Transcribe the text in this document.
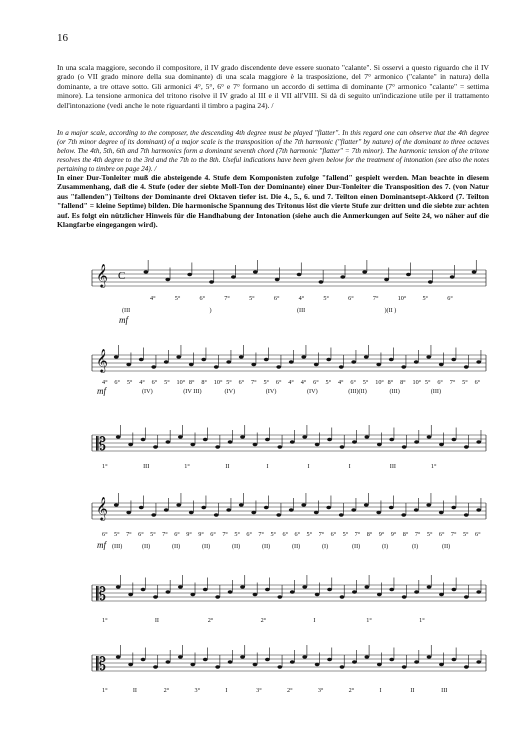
16
In una scala maggiore, secondo il compositore, il IV grado discendente deve essere suonato "calante". Si osservi a questo riguardo che il IV grado (o VII grado minore della sua dominante) di una scala maggiore è la trasposizione, del 7° armonico ("calante" in natura) della dominante, a tre ottave sotto. Gli armonici 4°, 5°, 6° e 7° formano un accordo di settima di dominante (7° armonico "calante" = settima minore). La tensione armonica del tritono risolve il IV grado al III e il VII all'VIII. Si dà di seguito un'indicazione utile per il trattamento dell'intonazione (vedi anche le note riguardanti il timbro a pagina 24). /
In a major scale, according to the composer, the descending 4th degree must be played "flatter". In this regard one can observe that the 4th degree (or 7th minor degree of its dominant) of a major scale is the transposition of the 7th harmonic ("flatter" by nature) of the dominant to three octaves below. The 4th, 5th, 6th and 7th harmonics form a dominant seventh chord (7th harmonic "flatter" = 7th minor). The harmonic tension of the tritone resolves the 4th degree to the 3rd and the 7th to the 8th. Useful indications have been given below for the treatment of intonation (see also the notes pertaining to timbre on page 24). /
In einer Dur-Tonleiter muß die absteigende 4. Stufe dem Komponisten zufolge "fallend" gespielt werden. Man beachte in diesem Zusammenhang, daß die 4. Stufe (oder der siebte Moll-Ton der Dominante) einer Dur-Tonleiter die Transposition des 7. (von Natur aus "fallenden") Teiltons der Dominante drei Oktaven tiefer ist. Die 4., 5., 6. und 7. Teilton einen Dominantsept-Akkord (7. Teilton "fallend" = kleine Septime) bilden. Die harmonische Spannung des Tritonus löst die vierte Stufe zur dritten und die siebte zur achten auf. Es folgt ein nützlicher Hinweis für die Handhabung der Intonation (siehe auch die Anmerkungen auf Seite 24, wo näher auf die Klangfarbe eingegangen wird).
𝄞 C
4°	5°	6°	7°	5°	6°	4°	5°	6°	7°	10°	5°	6°
(III	)	(III	)(II )
mf
𝄞
4° 6° 5° 4° 6° 5° 10° 8° 8° 10° 5° 6° 7° 5° 6° 4° 4° 6° 5° 4° 6° 5° 10° 8° 8° 10° 5° 6° 7° 5° 6°
(IV)	(IV III)	(IV)	(IV)	(IV)	(III)(II)	(III)	(III)
mf
𝄡
1°	III	1°	II	I	I	I	III	1°
𝄞
6° 5° 7° 6° 5° 7° 6° 9° 9° 6° 7° 5° 6° 7° 5° 6° 6° 5° 7° 6° 5° 7° 8° 9° 9° 8° 7° 5° 6° 7° 5° 6°
(III)	(II)	(II)	(II)	(II)	(II)	(II)	(I)	(II)	(I)	(I)	(II)
mf
𝄡
1°	II	2°	2°	I	1°	1°
𝄡
1°	II	2°	3°	I	3°	2°	3°	2°	I	II	III
